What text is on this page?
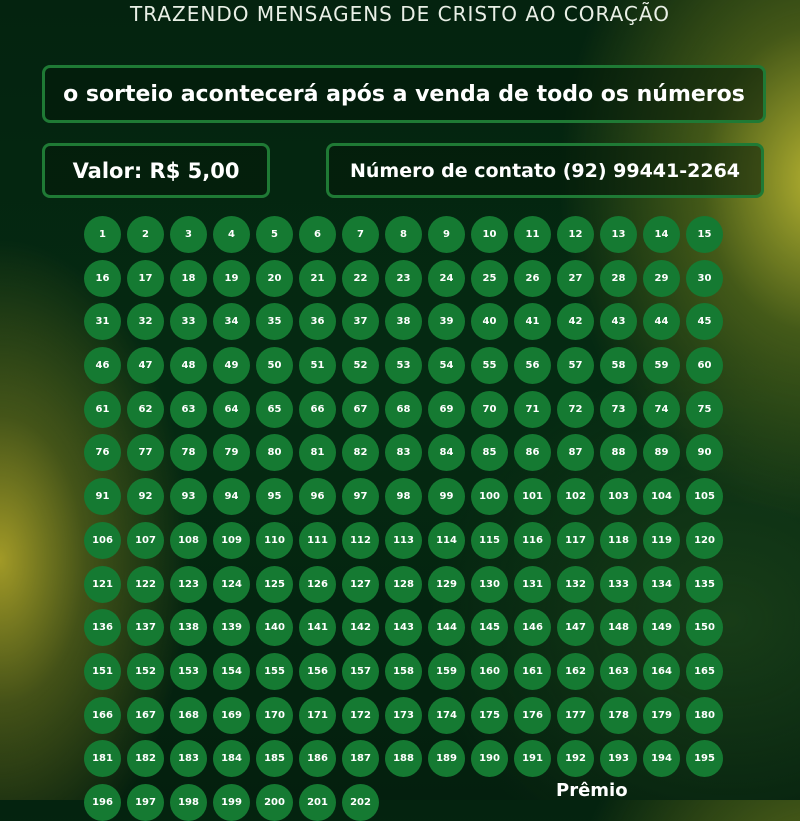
TRAZENDO MENSAGENS DE CRISTO AO CORAÇÃO
o sorteio acontecerá após a venda de todo os números
Valor: R$ 5,00	Número de contato (92) 99441-2264
1	2	3	4	5	6	7	8	9	10	11	12	13	14	15
16	17	18	19	20	21	22	23	24	25	26	27	28	29	30
31	32	33	34	35	36	37	38	39	40	41	42	43	44	45
46	47	48	49	50	51	52	53	54	55	56	57	58	59	60
61	62	63	64	65	66	67	68	69	70	71	72	73	74	75
76	77	78	79	80	81	82	83	84	85	86	87	88	89	90
91	92	93	94	95	96	97	98	99	100	101	102	103	104	105
106	107	108	109	110	111	112	113	114	115	116	117	118	119	120
121	122	123	124	125	126	127	128	129	130	131	132	133	134	135
136	137	138	139	140	141	142	143	144	145	146	147	148	149	150
151	152	153	154	155	156	157	158	159	160	161	162	163	164	165
166	167	168	169	170	171	172	173	174	175	176	177	178	179	180
181	182	183	184	185	186	187	188	189	190	191	192	193	194	195
196	197	198	199	200	201	202
Prêmio
